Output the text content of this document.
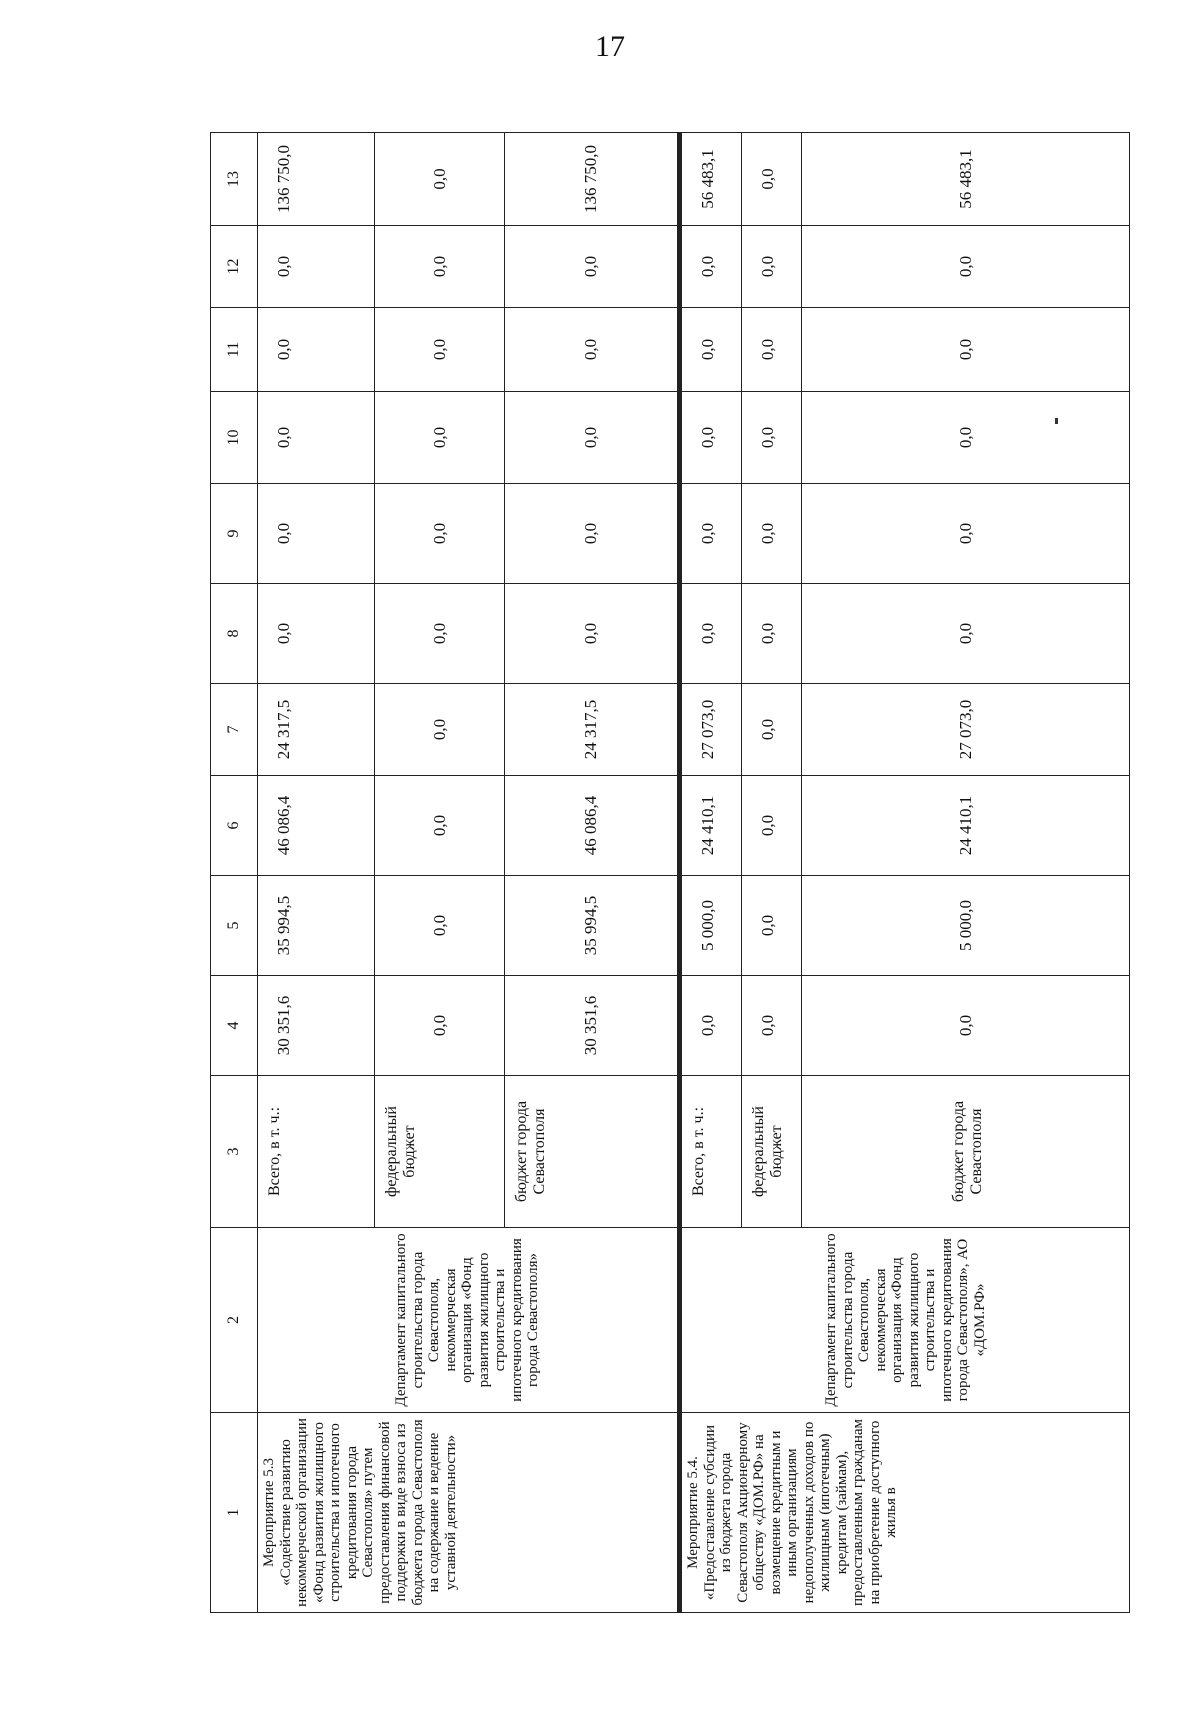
17
1	2	3	4	5	6	7	8	9	10	11	12	13
Мероприятие 5.3 «Содействие развитию некоммерческой организации «Фонд развития жилищного строительства и ипотечного кредитования города Севастополя» путем предоставления финансовой поддержки в виде взноса из бюджета города Севастополя на содержание и ведение уставной деятельности»	Департамент капитального строительства города Севастополя, некоммерческая организация «Фонд развития жилищного строительства и ипотечного кредитования города Севастополя»	Всего, в т. ч.:	30 351,6	35 994,5	46 086,4	24 317,5	0,0	0,0	0,0	0,0	0,0	136 750,0
		федеральный бюджет	0,0	0,0	0,0	0,0	0,0	0,0	0,0	0,0	0,0	0,0
		бюджет города Севастополя	30 351,6	35 994,5	46 086,4	24 317,5	0,0	0,0	0,0	0,0	0,0	136 750,0
Мероприятие 5.4. «Предоставление субсидии из бюджета города Севастополя Акционерному обществу «ДОМ.РФ» на возмещение кредитным и иным организациям недополученных доходов по жилищным (ипотечным) кредитам (займам), предоставленным гражданам на приобретение доступного жилья в	Департамент капитального строительства города Севастополя, некоммерческая организация «Фонд развития жилищного строительства и ипотечного кредитования города Севастополя», АО «ДОМ.РФ»	Всего, в т. ч.:	0,0	5 000,0	24 410,1	27 073,0	0,0	0,0	0,0	0,0	0,0	56 483,1
		федеральный бюджет	0,0	0,0	0,0	0,0	0,0	0,0	0,0	0,0	0,0	0,0
		бюджет города Севастополя	0,0	5 000,0	24 410,1	27 073,0	0,0	0,0	0,0	0,0	0,0	56 483,1
